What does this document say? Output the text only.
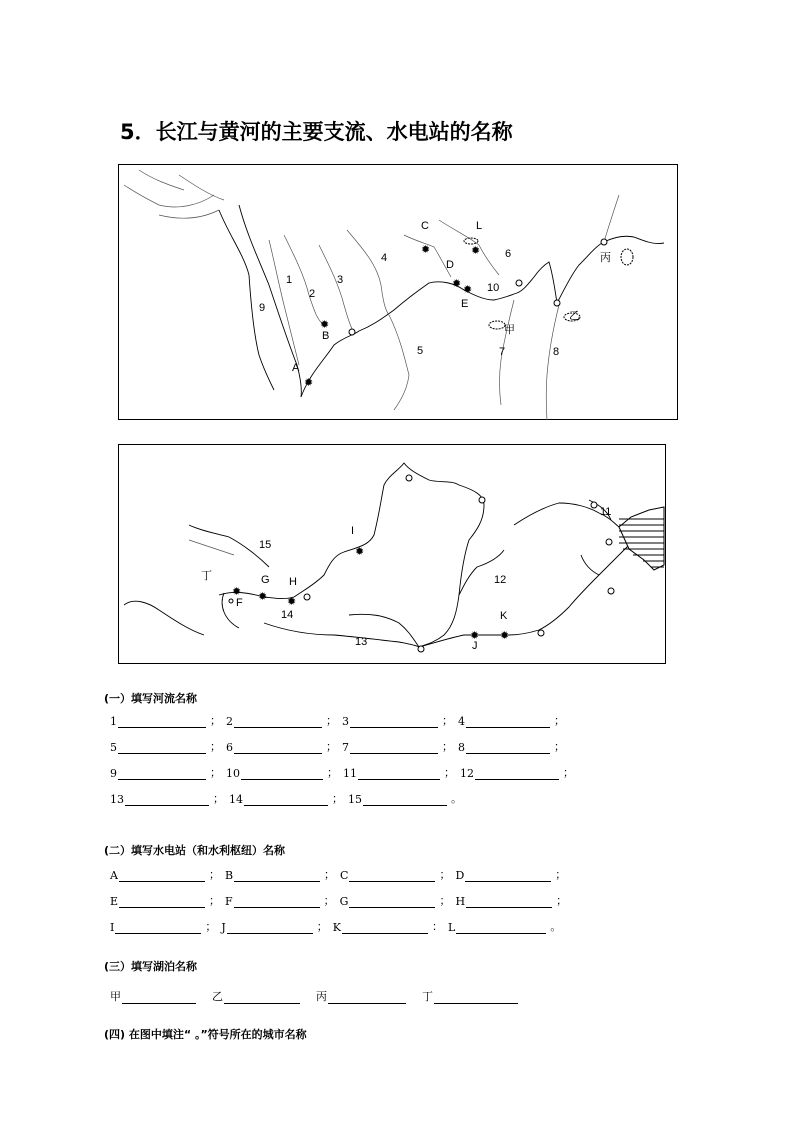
5．长江与黄河的主要支流、水电站的名称
✹
✹
✹
✹ ✹
✹
1
2
3
4
5
6
7	8
9
10
A
B
C
D
E
L
甲
乙
丙
✹ ✹ ✹
✹
✹ ✹
11
12
13
14
15
F
G H
I
J
K
丁
(一）填写河流名称
1	； 2	； 3	； 4	；
5	； 6	； 7	； 8	；
9	； 10	； 11	； 12	；
13	； 14	； 15	。
(二）填写水电站（和水利枢纽）名称
A	； B	； C	； D	；
E	； F	； G	； H	；
I	； J	； K	： L	。
(三）填写湖泊名称
甲	乙	丙	丁
(四) 在图中填注“ 。”符号所在的城市名称
